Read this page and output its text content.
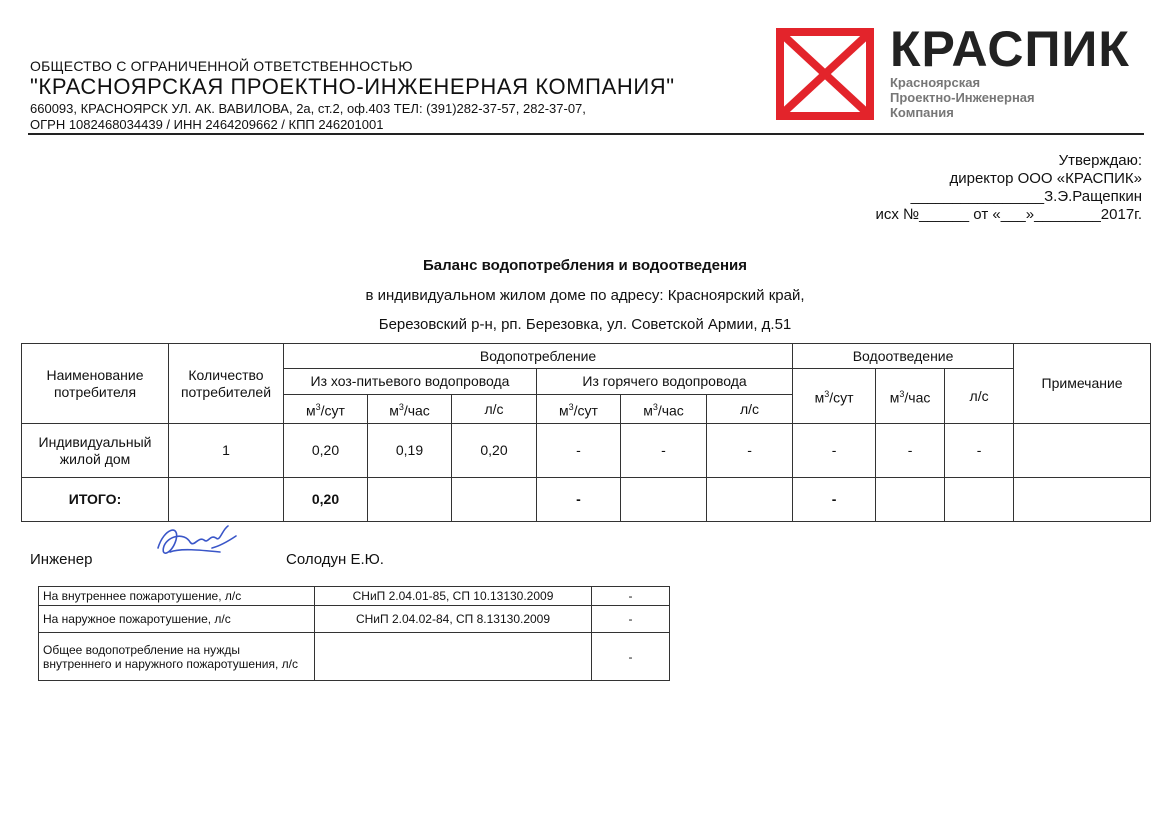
ОБЩЕСТВО С ОГРАНИЧЕННОЙ ОТВЕТСТВЕННОСТЬЮ
"КРАСНОЯРСКАЯ ПРОЕКТНО-ИНЖЕНЕРНАЯ КОМПАНИЯ"
660093, КРАСНОЯРСК УЛ. АК. ВАВИЛОВА, 2а, ст.2, оф.403 ТЕЛ: (391)282-37-57, 282-37-07,
ОГРН 1082468034439 / ИНН 2464209662 / КПП 246201001
КРАСПИК
Красноярская
Проектно-Инженерная
Компания
Утверждаю:
директор ООО «КРАСПИК»
________________З.Э.Ращепкин
исх №______ от «___»________2017г.
Баланс водопотребления и водоотведения
в индивидуальном жилом доме по адресу: Красноярский край,
Березовский р-н, рп. Березовка, ул. Советской Армии, д.51
Наименование потребителя	Количество потребителей	Водопотребление						Водоотведение			Примечание
		Из хоз-питьевого водопровода			Из горячего водопровода			$м^3$/сут	$м^3$/час	л/с	
		$м^3$/сут	$м^3$/час	л/с	$м^3$/сут	$м^3$/час	л/с				
Индивидуальный жилой дом	1	0,20	0,19	0,20	-	-	-	-	-	-	
ИТОГО:		0,20			-			-			
Инженер	Солодун Е.Ю.
На внутреннее пожаротушение, л/с	СНиП 2.04.01-85, СП 10.13130.2009	-
На наружное пожаротушение, л/с	СНиП 2.04.02-84, СП 8.13130.2009	-
Общее водопотребление на нужды внутреннего и наружного пожаротушения, л/с		-
